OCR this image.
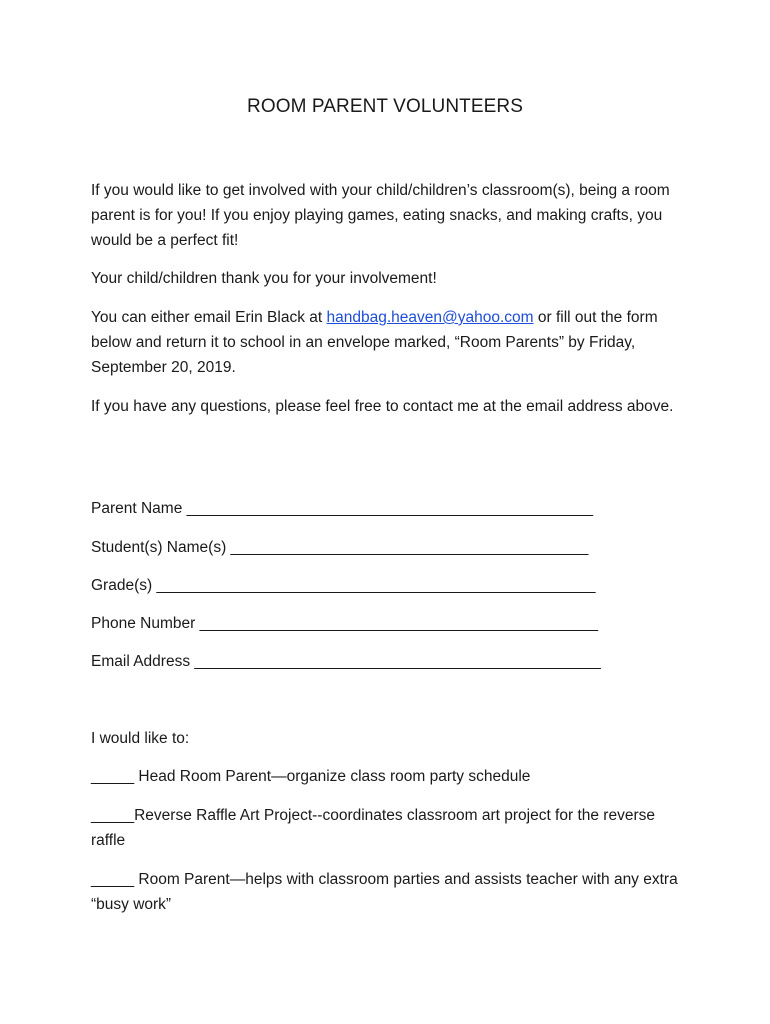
ROOM PARENT VOLUNTEERS

If you would like to get involved with your child/children’s classroom(s), being a room parent is for you! If you enjoy playing games, eating snacks, and making crafts, you would be a perfect fit!

Your child/children thank you for your involvement!

You can either email Erin Black at handbag.heaven@yahoo.com or fill out the form below and return it to school in an envelope marked, “Room Parents” by Friday, September 20, 2019.

If you have any questions, please feel free to contact me at the email address above.

Parent Name __________________________________________________
Student(s) Name(s) ____________________________________________
Grade(s) ______________________________________________________
Phone Number _________________________________________________
Email Address __________________________________________________
I would like to:
_____ Head Room Parent—organize class room party schedule
_____Reverse Raffle Art Project--coordinates classroom art project for the reverse raffle
_____ Room Parent—helps with classroom parties and assists teacher with any extra “busy work”
